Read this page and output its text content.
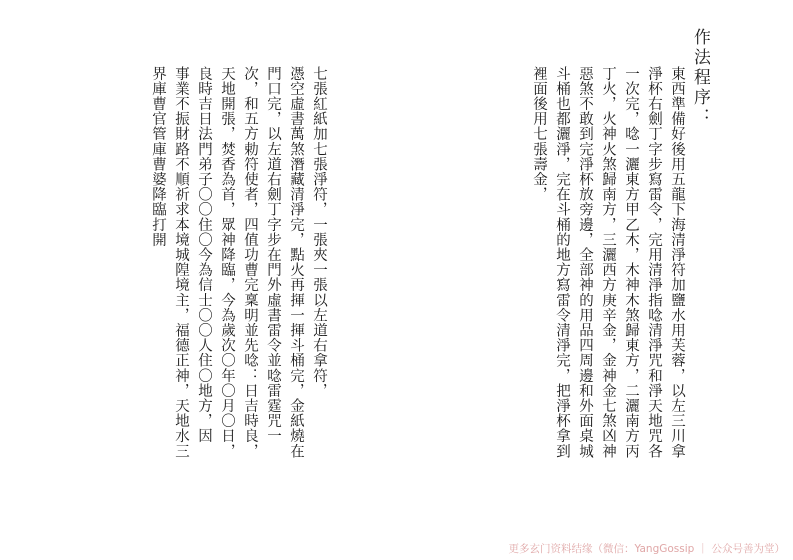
作法程序：
東西準備好後用五龍下海清淨符加鹽水用芙蓉，以左三川拿
淨杯右劍丁字步寫雷令，完用清淨指唸清淨咒和淨天地咒各
一次完，唸一灑東方甲乙木，木神木煞歸東方，二灑南方丙
丁火，火神火煞歸南方，三灑西方庚辛金，金神金七煞凶神
惡煞不敢到完淨杯放旁邊，全部神的用品四周邊和外面桌城
斗桶也都灑淨，完在斗桶的地方寫雷令清淨完，把淨杯拿到
裡面後用七張壽金，
七張紅紙加七張淨符，一張夾一張以左道右拿符，
憑空虛書萬煞潛藏清淨完，點火再揮一揮斗桶完，金紙燒在
門口完，以左道右劍丁字步在門外虛書雷令並唸雷霆咒一
次，和五方勅符使者，四值功曹完稟明並先唸：日吉時良，
天地開張，焚香為首，眾神降臨，今為歲次〇年〇月〇日，
良時吉日法門弟子〇〇住〇今為信士〇〇人住〇地方，因
事業不振財路不順祈求本境城隍境主，福德正神，天地水三
界庫曹官管庫曹婆降臨打開
更多玄门资料结缘（微信：YangGossip ｜ 公众号善为堂）
